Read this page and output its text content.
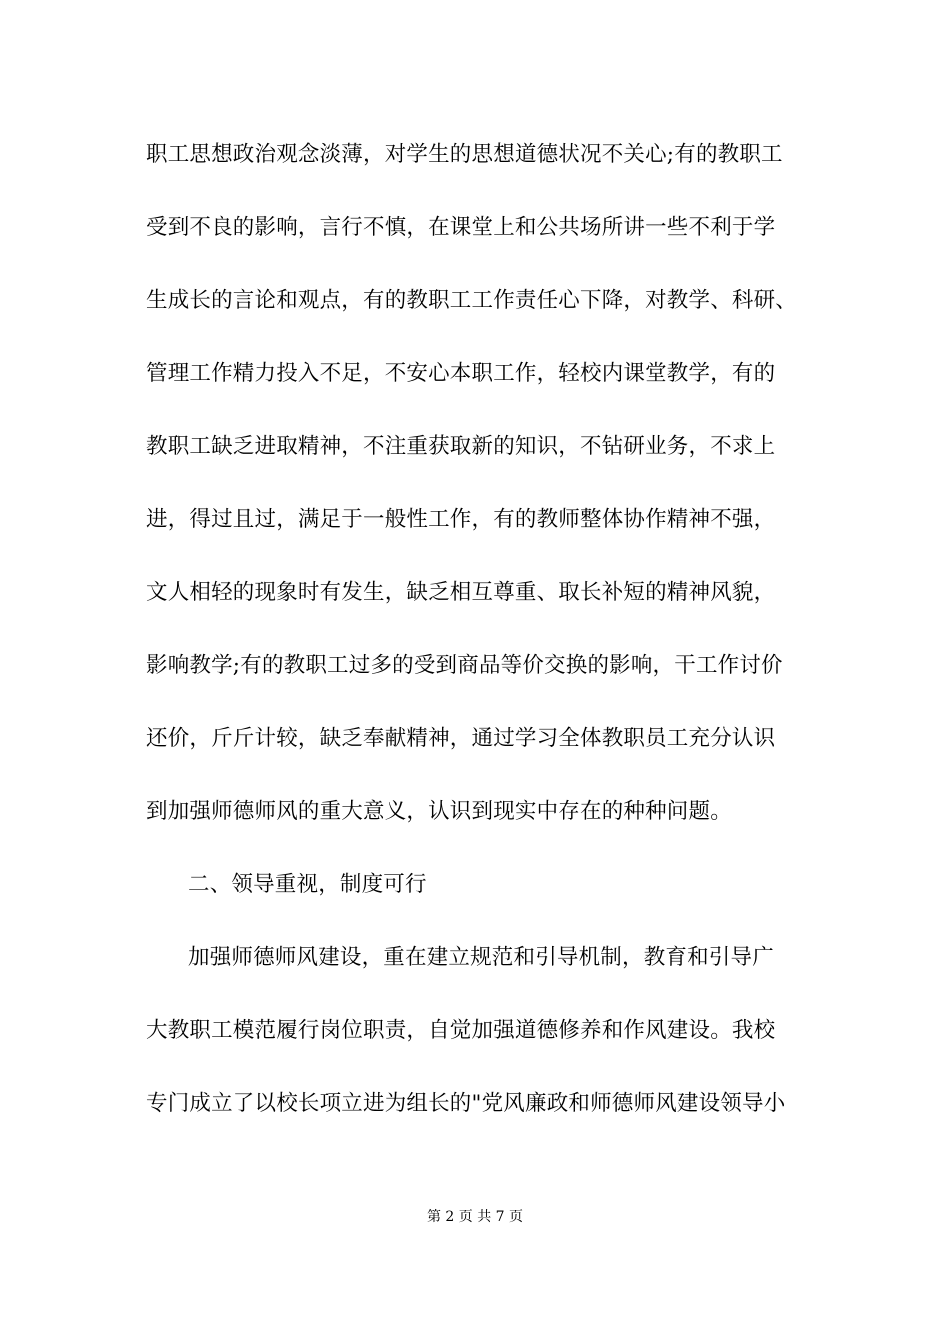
职工思想政治观念淡薄，对学生的思想道德状况不关心;有的教职工
受到不良的影响，言行不慎，在课堂上和公共场所讲一些不利于学
生成长的言论和观点，有的教职工工作责任心下降，对教学、科研、
管理工作精力投入不足，不安心本职工作，轻校内课堂教学，有的
教职工缺乏进取精神，不注重获取新的知识，不钻研业务，不求上
进，得过且过，满足于一般性工作，有的教师整体协作精神不强，
文人相轻的现象时有发生，缺乏相互尊重、取长补短的精神风貌，
影响教学;有的教职工过多的受到商品等价交换的影响，干工作讨价
还价，斤斤计较，缺乏奉献精神，通过学习全体教职员工充分认识
到加强师德师风的重大意义，认识到现实中存在的种种问题。
二、领导重视，制度可行
加强师德师风建设，重在建立规范和引导机制，教育和引导广
大教职工模范履行岗位职责，自觉加强道德修养和作风建设。我校
专门成立了以校长项立进为组长的"党风廉政和师德师风建设领导小
第 2 页 共 7 页
